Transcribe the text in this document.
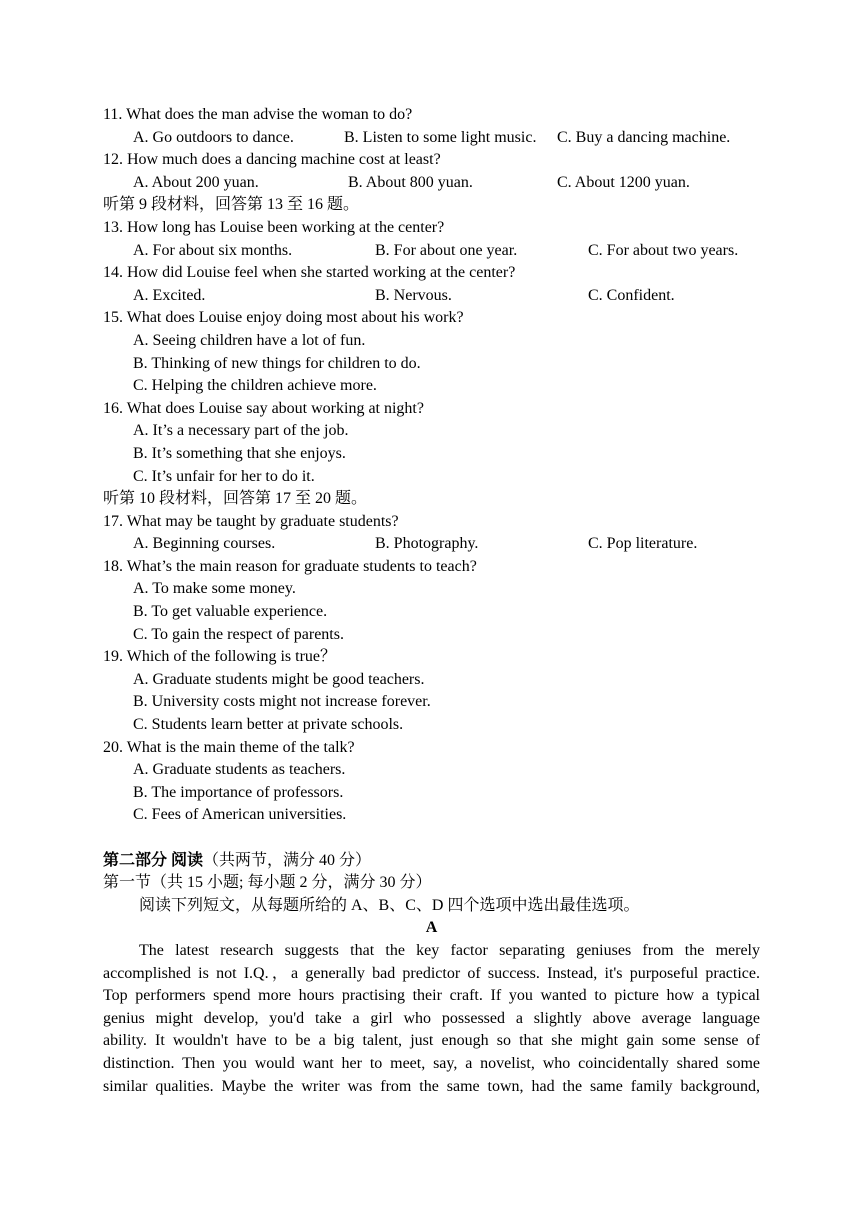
11. What does the man advise the woman to do?
A. Go outdoors to dance.	B. Listen to some light music. C. Buy a dancing machine.
12. How much does a dancing machine cost at least?
A. About 200 yuan.	B. About 800 yuan.	C. About 1200 yuan.
听第 9 段材料，回答第 13 至 16 题。
13. How long has Louise been working at the center?
A. For about six months.	B. For about one year.	C. For about two years.
14. How did Louise feel when she started working at the center?
A. Excited.	B. Nervous.	C. Confident.
15. What does Louise enjoy doing most about his work?
A. Seeing children have a lot of fun.
B. Thinking of new things for children to do.
C. Helping the children achieve more.
16. What does Louise say about working at night?
A. It’s a necessary part of the job.
B. It’s something that she enjoys.
C. It’s unfair for her to do it.
听第 10 段材料，回答第 17 至 20 题。
17. What may be taught by graduate students?
A. Beginning courses.	B. Photography.	C. Pop literature.
18. What’s the main reason for graduate students to teach?
A. To make some money.
B. To get valuable experience.
C. To gain the respect of parents.
19. Which of the following is true？
A. Graduate students might be good teachers.
B. University costs might not increase forever.
C. Students learn better at private schools.
20. What is the main theme of the talk?
A. Graduate students as teachers.
B. The importance of professors.
C. Fees of American universities.
第二部分 阅读（共两节，满分 40 分）
第一节（共 15 小题; 每小题 2 分，满分 30 分）
阅读下列短文，从每题所给的 A、B、C、D 四个选项中选出最佳选项。
A
The latest research suggests that the key factor separating geniuses from the merely
accomplished is not I.Q.，a generally bad predictor of success. Instead, it's purposeful practice.
Top performers spend more hours practising their craft. If you wanted to picture how a typical
genius might develop, you'd take a girl who possessed a slightly above average language
ability. It wouldn't have to be a big talent, just enough so that she might gain some sense of
distinction. Then you would want her to meet, say, a novelist, who coincidentally shared some
similar qualities. Maybe the writer was from the same town, had the same family background,
